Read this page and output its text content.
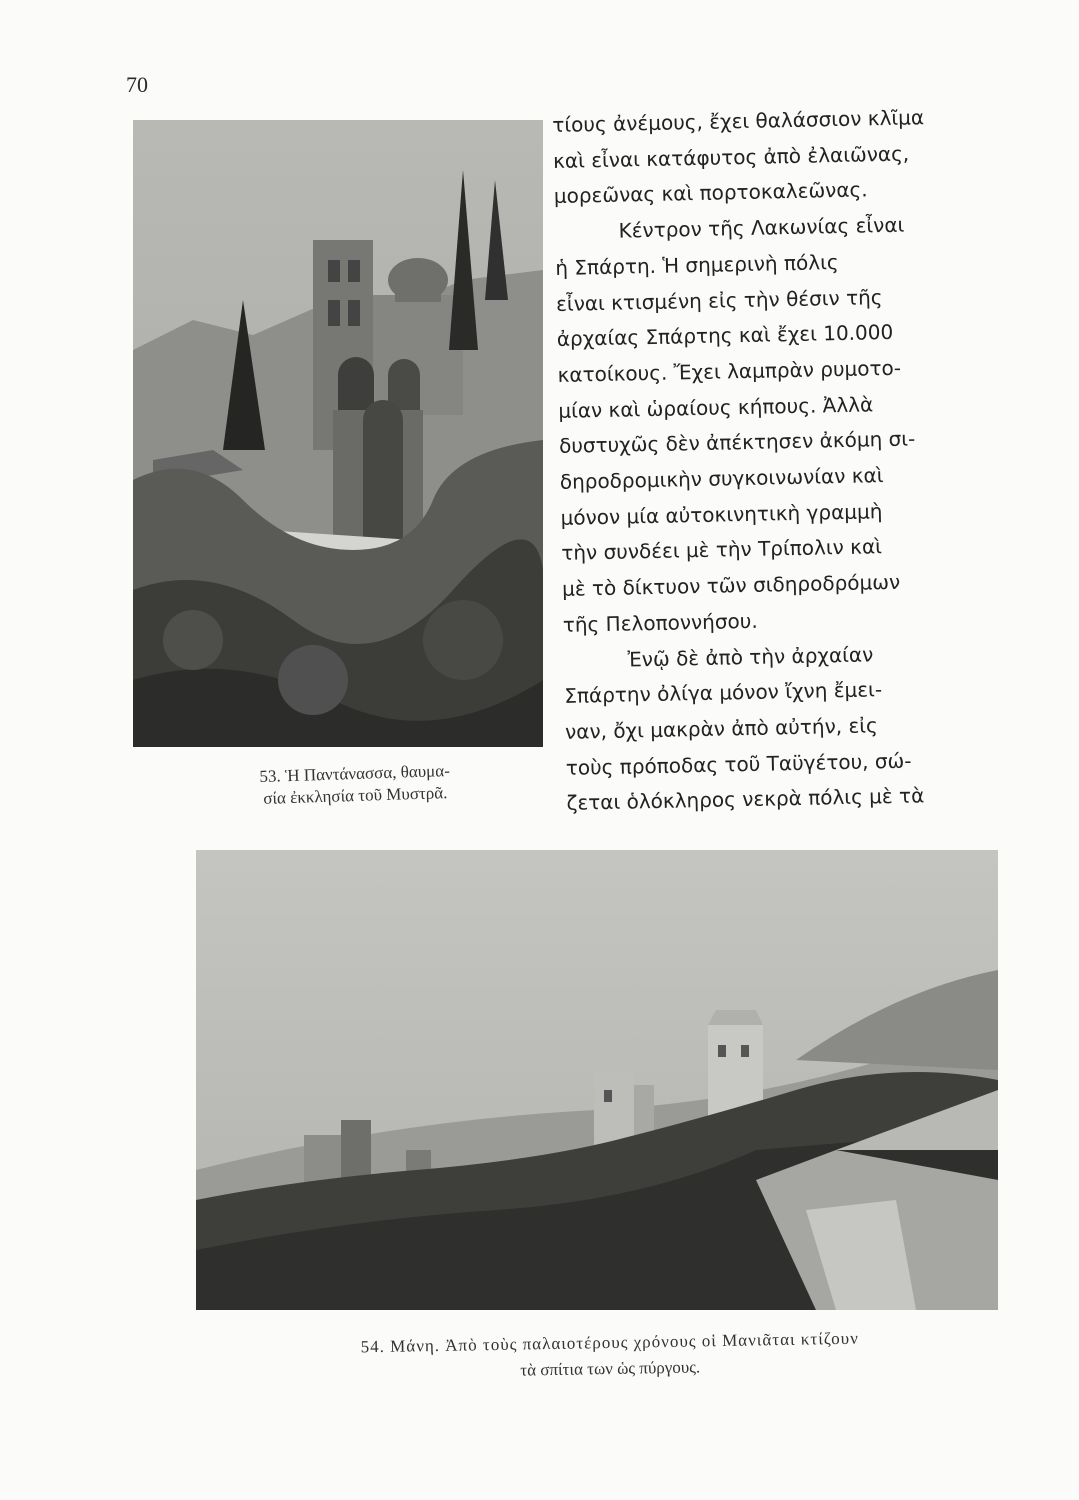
70
τίους ἀνέμους, ἔχει θαλάσσιον κλῖμα
καὶ εἶναι κατάφυτος ἀπὸ ἐλαιῶνας,
μορεῶνας καὶ πορτοκαλεῶνας.
Κέντρον τῆς Λακωνίας εἶναι
ἡ Σπάρτη. Ἡ σημερινὴ πόλις
εἶναι κτισμένη εἰς τὴν θέσιν τῆς
ἀρχαίας Σπάρτης καὶ ἔχει 10.000
κατοίκους. Ἔχει λαμπρὰν ρυμοτο-
μίαν καὶ ὡραίους κήπους. Ἀλλὰ
δυστυχῶς δὲν ἀπέκτησεν ἀκόμη σι-
δηροδρομικὴν συγκοινωνίαν καὶ
μόνον μία αὐτοκινητικὴ γραμμὴ
τὴν συνδέει μὲ τὴν Τρίπολιν καὶ
μὲ τὸ δίκτυον τῶν σιδηροδρόμων
τῆς Πελοποννήσου.
Ἐνῷ δὲ ἀπὸ τὴν ἀρχαίαν
Σπάρτην ὀλίγα μόνον ἴχνη ἔμει-
ναν, ὄχι μακρὰν ἀπὸ αὐτήν, εἰς
τοὺς πρόποδας τοῦ Ταϋγέτου, σώ-
ζεται ὁλόκληρος νεκρὰ πόλις μὲ τὰ
53. Ἡ Παντάνασσα, θαυμα-
σία ἐκκλησία τοῦ Μυστρᾶ.
54. Μάνη. Ἀπὸ τοὺς παλαιοτέρους χρόνους οἱ Μανιᾶται κτίζουν
τὰ σπίτια των ὡς πύργους.
